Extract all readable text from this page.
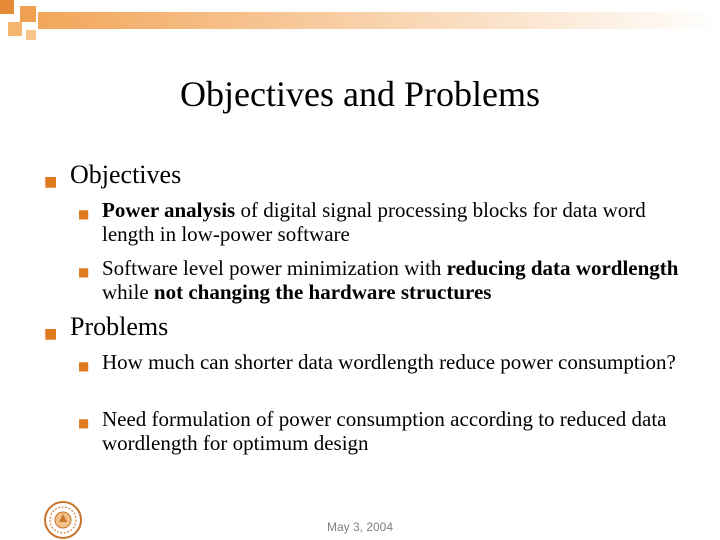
Objectives and Problems
■ Objectives
■ Power analysis of digital signal processing blocks for data word length in low-power software
■ Software level power minimization with reducing data wordlength while not changing the hardware structures
■ Problems
■ How much can shorter data wordlength reduce power consumption?
■ Need formulation of power consumption according to reduced data wordlength for optimum design
May 3, 2004
